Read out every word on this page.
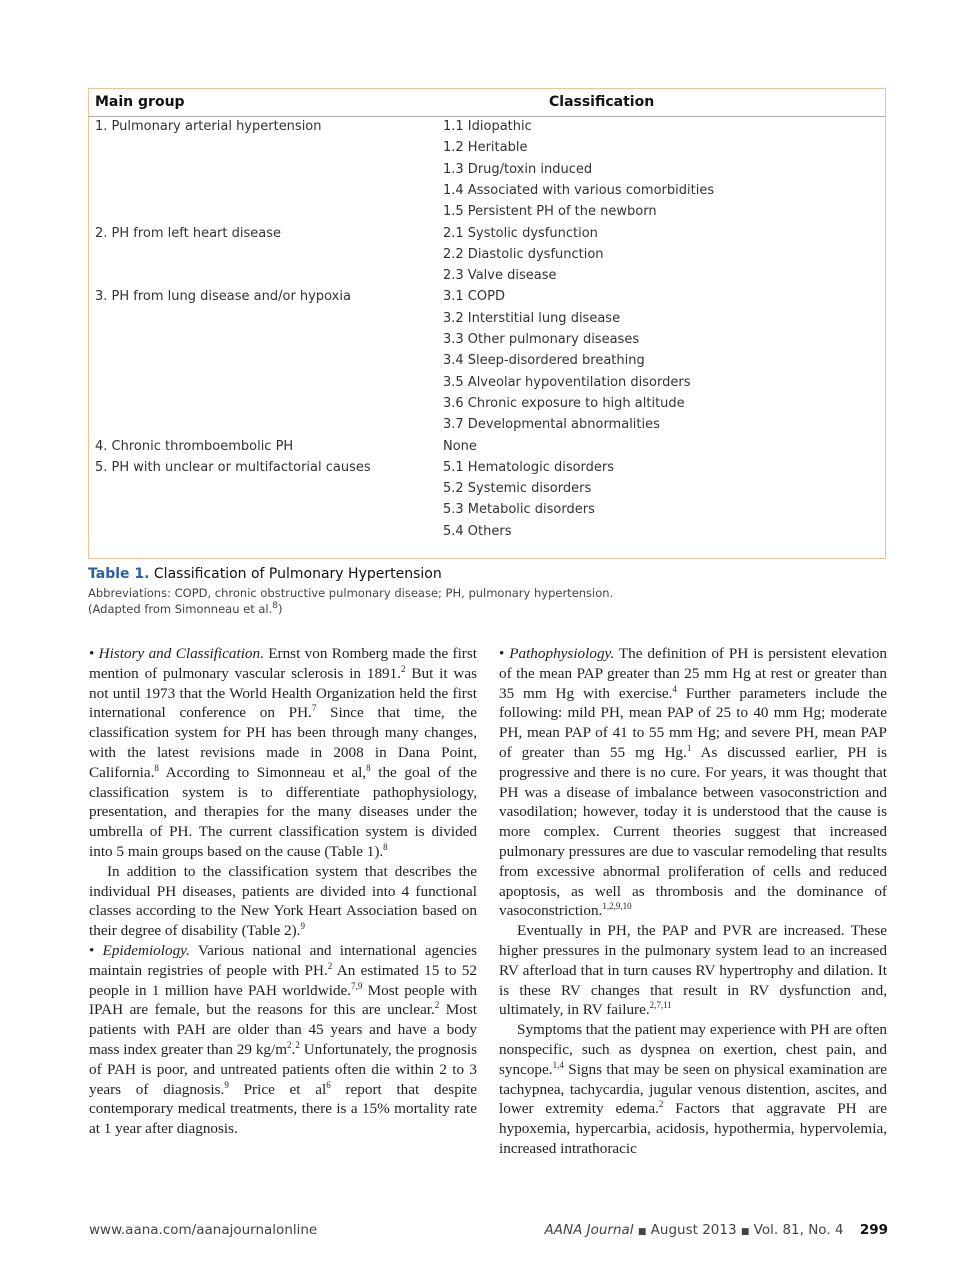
Main group	Classification
1. Pulmonary arterial hypertension	1.1 Idiopathic
1.2 Heritable
1.3 Drug/toxin induced
1.4 Associated with various comorbidities
1.5 Persistent PH of the newborn
2. PH from left heart disease	2.1 Systolic dysfunction
2.2 Diastolic dysfunction
2.3 Valve disease
3. PH from lung disease and/or hypoxia	3.1 COPD
3.2 Interstitial lung disease
3.3 Other pulmonary diseases
3.4 Sleep-disordered breathing
3.5 Alveolar hypoventilation disorders
3.6 Chronic exposure to high altitude
3.7 Developmental abnormalities
4. Chronic thromboembolic PH	None
5. PH with unclear or multifactorial causes	5.1 Hematologic disorders
5.2 Systemic disorders
5.3 Metabolic disorders
5.4 Others
Table 1. Classification of Pulmonary Hypertension
Abbreviations: COPD, chronic obstructive pulmonary disease; PH, pulmonary hypertension.
(Adapted from Simonneau et al.$^8$)

• History and Classification. Ernst von Romberg made the first mention of pulmonary vascular sclerosis in 1891.$^2$ But it was not until 1973 that the World Health Organization held the first international conference on PH.$^7$ Since that time, the classification system for PH has been through many changes, with the latest revisions made in 2008 in Dana Point, California.$^8$ According to Simonneau et al,$^8$ the goal of the classification system is to differentiate pathophysiology, presentation, and therapies for the many diseases under the umbrella of PH. The current classification system is divided into 5 main groups based on the cause (Table 1).$^8$

In addition to the classification system that describes the individual PH diseases, patients are divided into 4 functional classes according to the New York Heart Association based on their degree of disability (Table 2).$^9$

• Epidemiology. Various national and international agencies maintain registries of people with PH.$^2$ An estimated 15 to 52 people in 1 million have PAH worldwide.$^{7,9}$ Most people with IPAH are female, but the reasons for this are unclear.$^2$ Most patients with PAH are older than 45 years and have a body mass index greater than 29 $kg/m^2.^2$ Unfortunately, the prognosis of PAH is poor, and untreated patients often die within 2 to 3 years of diagnosis.$^9$ Price et $al^6$ report that despite contemporary medical treatments, there is a 15% mortality rate at 1 year after diagnosis.

• Pathophysiology. The definition of PH is persistent elevation of the mean PAP greater than 25 mm Hg at rest or greater than 35 mm Hg with exercise.$^4$ Further parameters include the following: mild PH, mean PAP of 25 to 40 mm Hg; moderate PH, mean PAP of 41 to 55 mm Hg; and severe PH, mean PAP of greater than 55 mg Hg.$^1$ As discussed earlier, PH is progressive and there is no cure. For years, it was thought that PH was a disease of imbalance between vasoconstriction and vasodilation; however, today it is understood that the cause is more complex. Current theories suggest that increased pulmonary pressures are due to vascular remodeling that results from excessive abnormal proliferation of cells and reduced apoptosis, as well as thrombosis and the dominance of vasoconstriction.$^{1,2,9,10}$

Eventually in PH, the PAP and PVR are increased. These higher pressures in the pulmonary system lead to an increased RV afterload that in turn causes RV hypertrophy and dilation. It is these RV changes that result in RV dysfunction and, ultimately, in RV failure.$^{2,7,11}$

Symptoms that the patient may experience with PH are often nonspecific, such as dyspnea on exertion, chest pain, and syncope.$^{1,4}$ Signs that may be seen on physical examination are tachypnea, tachycardia, jugular venous distention, ascites, and lower extremity edema.$^2$ Factors that aggravate PH are hypoxemia, hypercarbia, acidosis, hypothermia, hypervolemia, increased intrathoracic

www.aana.com/aanajournalonline	AANA Journal ■ August 2013 ■ Vol. 81, No. 4 299
